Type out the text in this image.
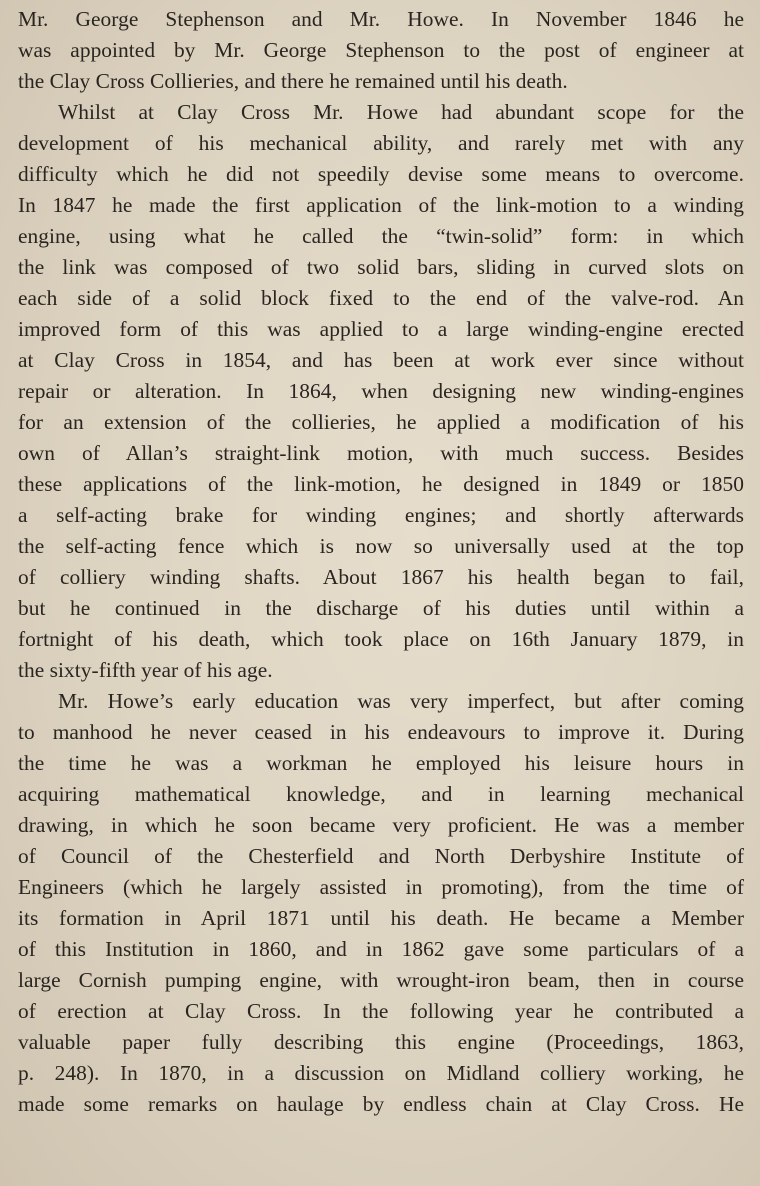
Mr. George Stephenson and Mr. Howe. In November 1846 he
was appointed by Mr. George Stephenson to the post of engineer at
the Clay Cross Collieries, and there he remained until his death.

Whilst at Clay Cross Mr. Howe had abundant scope for the
development of his mechanical ability, and rarely met with any
difficulty which he did not speedily devise some means to overcome.
In 1847 he made the first application of the link-motion to a winding
engine, using what he called the “twin-solid” form: in which
the link was composed of two solid bars, sliding in curved slots on
each side of a solid block fixed to the end of the valve-rod. An
improved form of this was applied to a large winding-engine erected
at Clay Cross in 1854, and has been at work ever since without
repair or alteration. In 1864, when designing new winding-engines
for an extension of the collieries, he applied a modification of his
own of Allan’s straight-link motion, with much success. Besides
these applications of the link-motion, he designed in 1849 or 1850
a self-acting brake for winding engines; and shortly afterwards
the self-acting fence which is now so universally used at the top
of colliery winding shafts. About 1867 his health began to fail,
but he continued in the discharge of his duties until within a
fortnight of his death, which took place on 16th January 1879, in
the sixty-fifth year of his age.

Mr. Howe’s early education was very imperfect, but after coming
to manhood he never ceased in his endeavours to improve it. During
the time he was a workman he employed his leisure hours in
acquiring mathematical knowledge, and in learning mechanical
drawing, in which he soon became very proficient. He was a member
of Council of the Chesterfield and North Derbyshire Institute of
Engineers (which he largely assisted in promoting), from the time of
its formation in April 1871 until his death. He became a Member
of this Institution in 1860, and in 1862 gave some particulars of a
large Cornish pumping engine, with wrought-iron beam, then in course
of erection at Clay Cross. In the following year he contributed a
valuable paper fully describing this engine (Proceedings, 1863,
p. 248). In 1870, in a discussion on Midland colliery working, he
made some remarks on haulage by endless chain at Clay Cross. He
